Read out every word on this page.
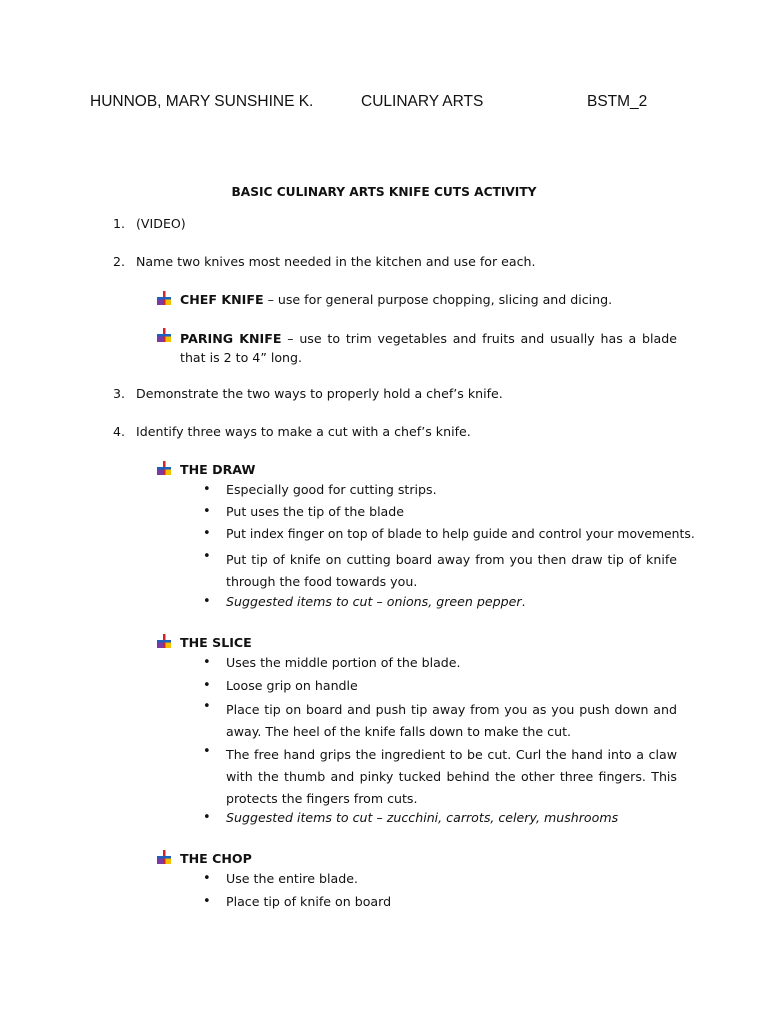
HUNNOB, MARY SUNSHINE K.	CULINARY ARTS	BSTM_2
BASIC CULINARY ARTS KNIFE CUTS ACTIVITY
1. (VIDEO)
2. Name two knives most needed in the kitchen and use for each.
CHEF KNIFE – use for general purpose chopping, slicing and dicing.
PARING KNIFE – use to trim vegetables and fruits and usually has a blade that is 2 to 4” long.
3. Demonstrate the two ways to properly hold a chef’s knife.
4. Identify three ways to make a cut with a chef’s knife.
THE DRAW
• Especially good for cutting strips.
• Put uses the tip of the blade
• Put index finger on top of blade to help guide and control your movements.
• Put tip of knife on cutting board away from you then draw tip of knife through the food towards you.
• Suggested items to cut – onions, green pepper.
THE SLICE
• Uses the middle portion of the blade.
• Loose grip on handle
• Place tip on board and push tip away from you as you push down and away. The heel of the knife falls down to make the cut.
• The free hand grips the ingredient to be cut. Curl the hand into a claw with the thumb and pinky tucked behind the other three fingers. This protects the fingers from cuts.
• Suggested items to cut – zucchini, carrots, celery, mushrooms
THE CHOP
• Use the entire blade.
• Place tip of knife on board
